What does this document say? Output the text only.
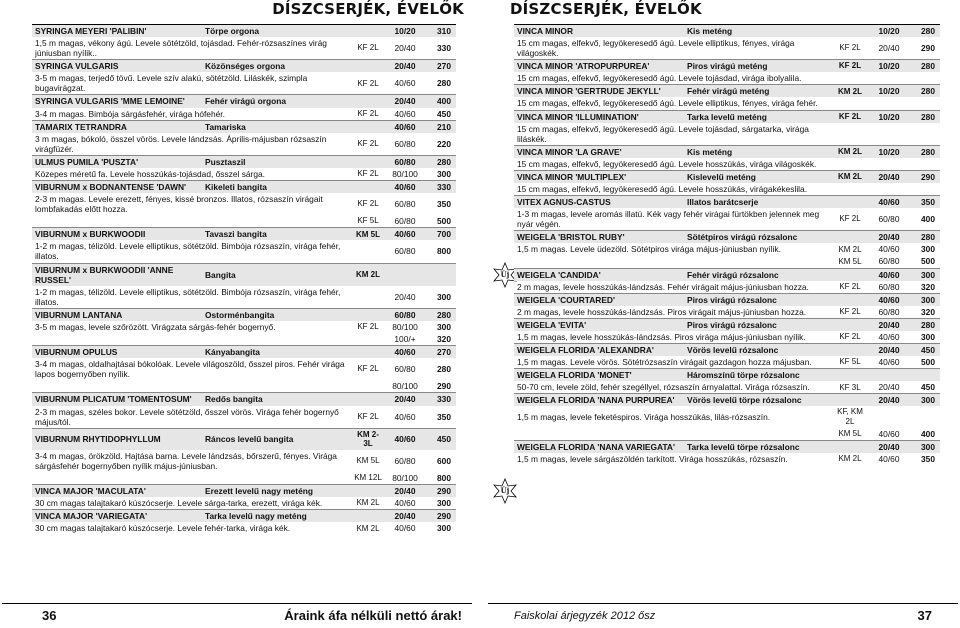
DÍSZCSERJÉK, ÉVELŐK
SYRINGA MEYERI 'PALIBIN'	Törpe orgona		10/20	310
1,5 m magas, vékony ágú. Levele sötétzöld, tojásdad. Fehér-rózsaszínes virág júniusban nyílik..		KF 2L	20/40	330
SYRINGA VULGARIS	Közönséges orgona		20/40	270
3-5 m magas, terjedő tövű. Levele szív alakú, sötétzöld. Liláskék, szimpla bugavirágzat.		KF 2L	40/60	280
SYRINGA VULGARIS 'MME LEMOINE'	Fehér virágú orgona		20/40	400
3-4 m magas. Bimbója sárgásfehér, virága hófehér.		KF 2L	40/60	450
TAMARIX TETRANDRA	Tamariska		40/60	210
3 m magas, bókoló, összel vörös. Levele lándzsás. Április-májusban rózsaszín virágfüzér.		KF 2L	60/80	220
ULMUS PUMILA 'PUSZTA'	Pusztaszil		60/80	280
Közepes méretű fa. Levele hosszúkás-tojásdad, ősszel sárga.		KF 2L	80/100	300
VIBURNUM x BODNANTENSE 'DAWN'	Kikeleti bangita		40/60	330
2-3 m magas. Levele erezett, fényes, kissé bronzos. Illatos, rózsaszín virágait lombfakadás előtt hozza.		KF 2L	60/80	350
		KF 5L	60/80	500
VIBURNUM x BURKWOODII	Tavaszi bangita	KM 5L	40/60	700
1-2 m magas, télizöld. Levele elliptikus, sötétzöld. Bimbója rózsaszín, virága fehér, illatos.			60/80	800
VIBURNUM x BURKWOODII 'ANNE RUSSEL'	Bangita	KM 2L		
1-2 m magas, télizöld. Levele elliptikus, sötétzöld. Bimbója rózsaszín, virága fehér, illatos.			20/40	300
VIBURNUM LANTANA	Ostorménbangita		60/80	280
3-5 m magas, levele szőrözött. Virágzata sárgás-fehér bogernyő.		KF 2L	80/100	300
			100/+	320
VIBURNUM OPULUS	Kányabangita		40/60	270
3-4 m magas, oldalhajtásai bókolóak. Levele világoszöld, ősszel piros. Fehér virága lapos bogernyőben nyílik.		KF 2L	60/80	280
			80/100	290
VIBURNUM PLICATUM 'TOMENTOSUM'	Redős bangita		20/40	330
2-3 m magas, széles bokor. Levele sötétzöld, ősszel vörös. Virága fehér bogernyő május/tól.		KF 2L	40/60	350
VIBURNUM RHYTIDOPHYLLUM	Ráncos levelű bangita	KM 2-3L	40/60	450
3-4 m magas, örökzöld. Hajtása barna. Levele lándzsás, bőrszerű, fényes. Virága sárgásfehér bogernyőben nyílik május-júniusban.		KM 5L	60/80	600
		KM 12L	80/100	800
VINCA MAJOR 'MACULATA'	Erezett levelű nagy meténg		20/40	290
30 cm magas talajtakaró kúszócserje. Levele sárga-tarka, erezett, virága kék.		KM 2L	40/60	300
VINCA MAJOR 'VARIEGATA'	Tarka levelű nagy meténg		20/40	290
30 cm magas talajtakaró kúszócserje. Levele fehér-tarka, virága kék.		KM 2L	40/60	300
36	Áraink áfa nélküli nettó árak!
DÍSZCSERJÉK, ÉVELŐK
Új
Új
VINCA MINOR	Kis meténg		10/20	280
15 cm magas, elfekvő, legyökeresedő ágú. Levele elliptikus, fényes, virága világoskék.		KF 2L	20/40	290
VINCA MINOR 'ATROPURPUREA'	Piros virágú meténg	KF 2L	10/20	280
15 cm magas, elfekvő, legyökeresedő ágú. Levele tojásdad, virága ibolyalila.				
VINCA MINOR 'GERTRUDE JEKYLL'	Fehér virágú meténg	KM 2L	10/20	280
15 cm magas, elfekvő, legyökeresedő ágú. Levele elliptikus, fényes, virága fehér.				
VINCA MINOR 'ILLUMINATION'	Tarka levelű meténg	KF 2L	10/20	280
15 cm magas, elfekvő, legyökeresedő ágú. Levele tojásdad, sárgatarka, virága liláskék.				
VINCA MINOR 'LA GRAVE'	Kis meténg	KM 2L	10/20	280
15 cm magas, elfekvő, legyökeresedő ágú. Levele hosszúkás, virága világoskék.				
VINCA MINOR 'MULTIPLEX'	Kislevelű meténg	KM 2L	20/40	290
15 cm magas, elfekvő, legyökeresedő ágú. Levele hosszúkás, virágakékeslila.				
VITEX AGNUS-CASTUS	Illatos barátcserje		40/60	350
1-3 m magas, levele aromás illatú. Kék vagy fehér virágai fürtökben jelennek meg nyár végén.		KF 2L	60/80	400
WEIGELA 'BRISTOL RUBY'	Sötétpiros virágú rózsalonc		20/40	280
1,5 m magas. Levele üdezöld. Sötétpiros virága május-júniusban nyílik.		KM 2L	40/60	300
		KM 5L	60/80	500
WEIGELA 'CANDIDA'	Fehér virágú rózsalonc		40/60	300
2 m magas, levele hosszúkás-lándzsás. Fehér virágait május-júniusban hozza.		KF 2L	60/80	320
WEIGELA 'COURTARED'	Piros virágú rózsalonc		40/60	300
2 m magas, levele hosszúkás-lándzsás. Piros virágait május-júniusban hozza.		KF 2L	60/80	320
WEIGELA 'EVITA'	Piros virágú rózsalonc		20/40	280
1,5 m magas, levele hosszúkás-lándzsás. Piros virága május-júniusban nyílik.		KF 2L	40/60	300
WEIGELA FLORIDA 'ALEXANDRA'	Vörös levelű rózsalonc		20/40	450
1,5 m magas. Levele vörös. Sötétrózsaszín virágait gazdagon hozza májusban.		KF 5L	40/60	500
WEIGELA FLORIDA 'MONET'	Háromszínű törpe rózsalonc			
50-70 cm, levele zöld, fehér szegéllyel, rózsaszín árnyalattal. Virága rózsaszín.		KF 3L	20/40	450
WEIGELA FLORIDA 'NANA PURPUREA'	Vörös levelű törpe rózsalonc		20/40	300
1,5 m magas, levele feketéspiros. Virága hosszúkás, lilás-rózsaszín.		KF, KM 2L		
		KM 5L	40/60	400
WEIGELA FLORIDA 'NANA VARIEGATA'	Tarka levelű törpe rózsalonc		20/40	300
1,5 m magas, levele sárgászöldén tarkított. Virága hosszúkás, rózsaszín.		KM 2L	40/60	350
Faiskolai árjegyzék 2012 ősz	37
